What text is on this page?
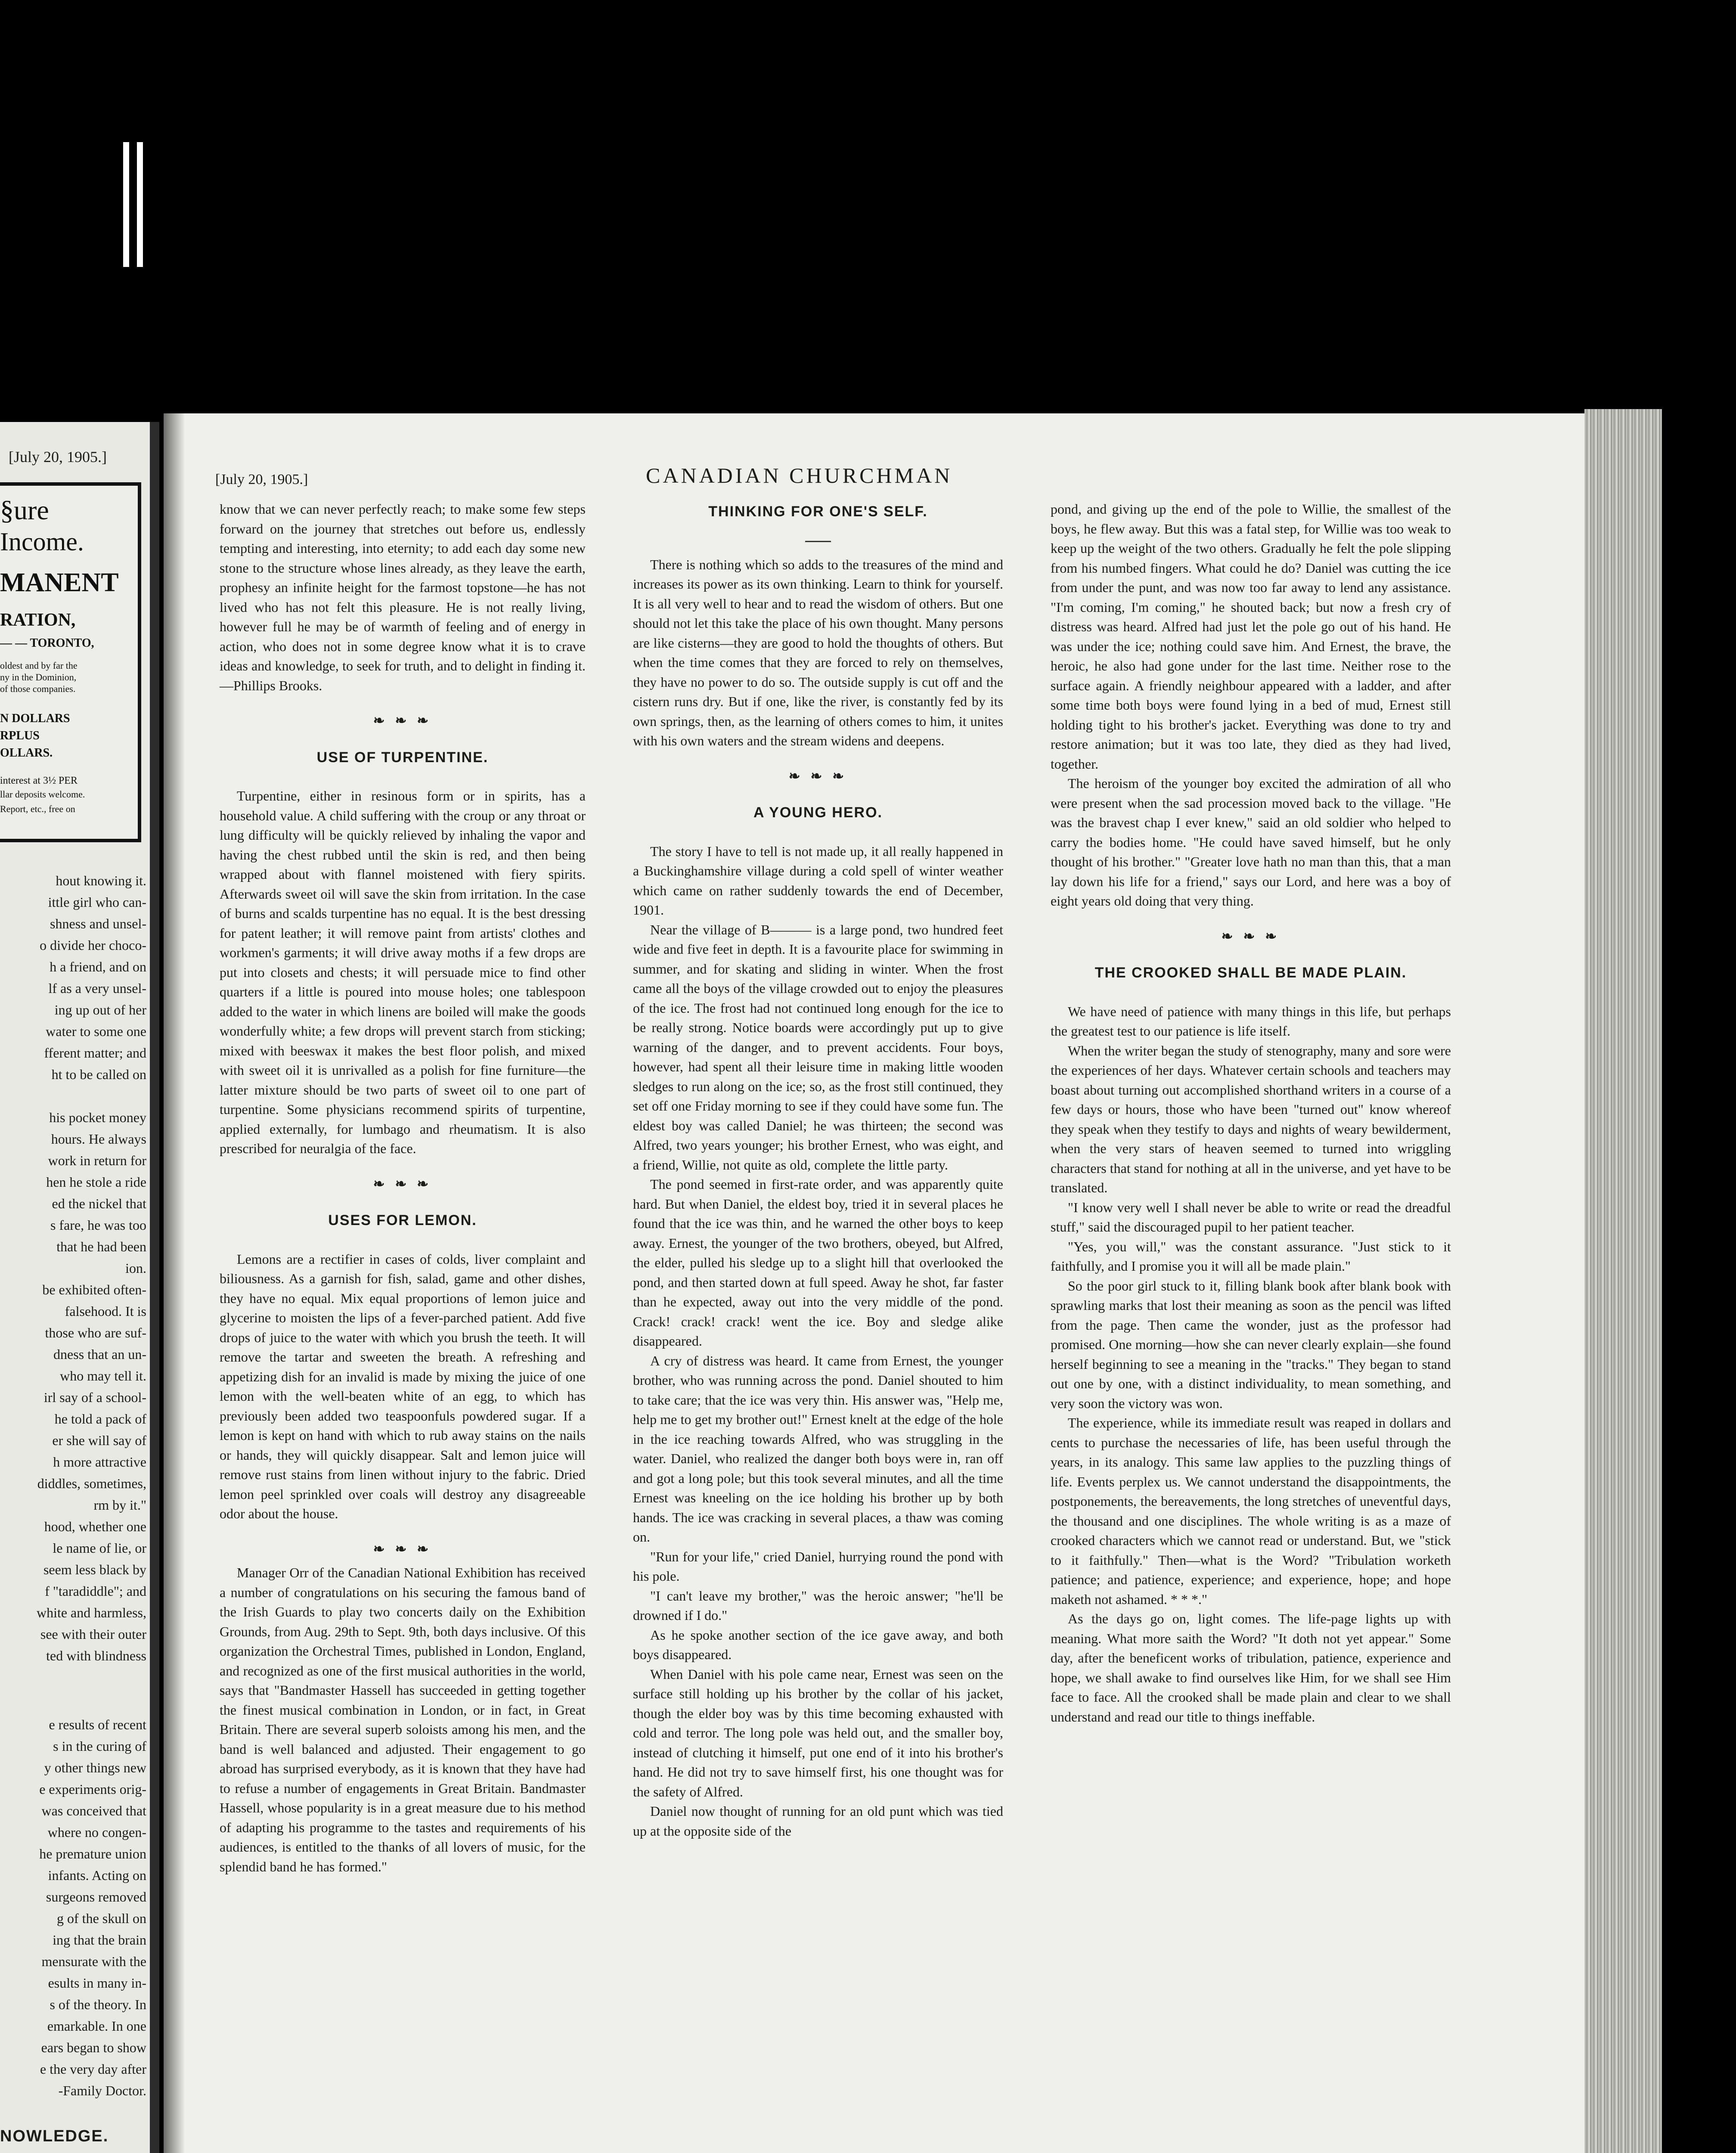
[July 20, 1905.]
§ure
Income.
MANENT
RATION,
— — TORONTO,
oldest and by far the
ny in the Dominion,
of those companies.
N DOLLARS
RPLUS
OLLARS.
interest at 3½ PER
llar deposits welcome.
Report, etc., free on
hout knowing it.
ittle girl who can-
shness and unsel-
o divide her choco-
h a friend, and on
lf as a very unsel-
ing up out of her
water to some one
fferent matter; and
ht to be called on
his pocket money
hours. He always
work in return for
hen he stole a ride
ed the nickel that
s fare, he was too
that he had been
ion.
be exhibited often-
falsehood. It is
those who are suf-
dness that an un-
who may tell it.
irl say of a school-
he told a pack of
er she will say of
h more attractive
diddles, sometimes,
rm by it."
hood, whether one
le name of lie, or
seem less black by
f "taradiddle"; and
white and harmless,
see with their outer
ted with blindness
e results of recent
s in the curing of
y other things new
e experiments orig-
was conceived that
where no congen-
he premature union
infants. Acting on
surgeons removed
g of the skull on
ing that the brain
mensurate with the
esults in many in-
s of the theory. In
emarkable. In one
ears began to show
e the very day after
-Family Doctor.
NOWLEDGE.
[July 20, 1905.]	CANADIAN CHURCHMAN

know that we can never perfectly reach; to make some few steps forward on the journey that stretches out before us, endlessly tempting and interesting, into eternity; to add each day some new stone to the structure whose lines already, as they leave the earth, prophesy an infinite height for the farmost topstone—he has not lived who has not felt this pleasure. He is not really living, however full he may be of warmth of feeling and of energy in action, who does not in some degree know what it is to crave ideas and knowledge, to seek for truth, and to delight in finding it.—Phillips Brooks.

❧ ❧ ❧
USE OF TURPENTINE.

Turpentine, either in resinous form or in spirits, has a household value. A child suffering with the croup or any throat or lung difficulty will be quickly relieved by inhaling the vapor and having the chest rubbed until the skin is red, and then being wrapped about with flannel moistened with fiery spirits. Afterwards sweet oil will save the skin from irritation. In the case of burns and scalds turpentine has no equal. It is the best dressing for patent leather; it will remove paint from artists' clothes and workmen's garments; it will drive away moths if a few drops are put into closets and chests; it will persuade mice to find other quarters if a little is poured into mouse holes; one tablespoon added to the water in which linens are boiled will make the goods wonderfully white; a few drops will prevent starch from sticking; mixed with beeswax it makes the best floor polish, and mixed with sweet oil it is unrivalled as a polish for fine furniture—the latter mixture should be two parts of sweet oil to one part of turpentine. Some physicians recommend spirits of turpentine, applied externally, for lumbago and rheumatism. It is also prescribed for neuralgia of the face.

❧ ❧ ❧
USES FOR LEMON.

Lemons are a rectifier in cases of colds, liver complaint and biliousness. As a garnish for fish, salad, game and other dishes, they have no equal. Mix equal proportions of lemon juice and glycerine to moisten the lips of a fever-parched patient. Add five drops of juice to the water with which you brush the teeth. It will remove the tartar and sweeten the breath. A refreshing and appetizing dish for an invalid is made by mixing the juice of one lemon with the well-beaten white of an egg, to which has previously been added two teaspoonfuls powdered sugar. If a lemon is kept on hand with which to rub away stains on the nails or hands, they will quickly disappear. Salt and lemon juice will remove rust stains from linen without injury to the fabric. Dried lemon peel sprinkled over coals will destroy any disagreeable odor about the house.

❧ ❧ ❧

Manager Orr of the Canadian National Exhibition has received a number of congratulations on his securing the famous band of the Irish Guards to play two concerts daily on the Exhibition Grounds, from Aug. 29th to Sept. 9th, both days inclusive. Of this organization the Orchestral Times, published in London, England, and recognized as one of the first musical authorities in the world, says that "Bandmaster Hassell has succeeded in getting together the finest musical combination in London, or in fact, in Great Britain. There are several superb soloists among his men, and the band is well balanced and adjusted. Their engagement to go abroad has surprised everybody, as it is known that they have had to refuse a number of engagements in Great Britain. Bandmaster Hassell, whose popularity is in a great measure due to his method of adapting his programme to the tastes and requirements of his audiences, is entitled to the thanks of all lovers of music, for the splendid band he has formed."

THINKING FOR ONE'S SELF.

There is nothing which so adds to the treasures of the mind and increases its power as its own thinking. Learn to think for yourself. It is all very well to hear and to read the wisdom of others. But one should not let this take the place of his own thought. Many persons are like cisterns—they are good to hold the thoughts of others. But when the time comes that they are forced to rely on themselves, they have no power to do so. The outside supply is cut off and the cistern runs dry. But if one, like the river, is constantly fed by its own springs, then, as the learning of others comes to him, it unites with his own waters and the stream widens and deepens.

❧ ❧ ❧
A YOUNG HERO.

The story I have to tell is not made up, it all really happened in a Buckinghamshire village during a cold spell of winter weather which came on rather suddenly towards the end of December, 1901.

Near the village of B——— is a large pond, two hundred feet wide and five feet in depth. It is a favourite place for swimming in summer, and for skating and sliding in winter. When the frost came all the boys of the village crowded out to enjoy the pleasures of the ice. The frost had not continued long enough for the ice to be really strong. Notice boards were accordingly put up to give warning of the danger, and to prevent accidents. Four boys, however, had spent all their leisure time in making little wooden sledges to run along on the ice; so, as the frost still continued, they set off one Friday morning to see if they could have some fun. The eldest boy was called Daniel; he was thirteen; the second was Alfred, two years younger; his brother Ernest, who was eight, and a friend, Willie, not quite as old, complete the little party.

The pond seemed in first-rate order, and was apparently quite hard. But when Daniel, the eldest boy, tried it in several places he found that the ice was thin, and he warned the other boys to keep away. Ernest, the younger of the two brothers, obeyed, but Alfred, the elder, pulled his sledge up to a slight hill that overlooked the pond, and then started down at full speed. Away he shot, far faster than he expected, away out into the very middle of the pond. Crack! crack! crack! went the ice. Boy and sledge alike disappeared.

A cry of distress was heard. It came from Ernest, the younger brother, who was running across the pond. Daniel shouted to him to take care; that the ice was very thin. His answer was, "Help me, help me to get my brother out!" Ernest knelt at the edge of the hole in the ice reaching towards Alfred, who was struggling in the water. Daniel, who realized the danger both boys were in, ran off and got a long pole; but this took several minutes, and all the time Ernest was kneeling on the ice holding his brother up by both hands. The ice was cracking in several places, a thaw was coming on.

"Run for your life," cried Daniel, hurrying round the pond with his pole.

"I can't leave my brother," was the heroic answer; "he'll be drowned if I do."

As he spoke another section of the ice gave away, and both boys disappeared.

When Daniel with his pole came near, Ernest was seen on the surface still holding up his brother by the collar of his jacket, though the elder boy was by this time becoming exhausted with cold and terror. The long pole was held out, and the smaller boy, instead of clutching it himself, put one end of it into his brother's hand. He did not try to save himself first, his one thought was for the safety of Alfred.

Daniel now thought of running for an old punt which was tied up at the opposite side of the

pond, and giving up the end of the pole to Willie, the smallest of the boys, he flew away. But this was a fatal step, for Willie was too weak to keep up the weight of the two others. Gradually he felt the pole slipping from his numbed fingers. What could he do? Daniel was cutting the ice from under the punt, and was now too far away to lend any assistance. "I'm coming, I'm coming," he shouted back; but now a fresh cry of distress was heard. Alfred had just let the pole go out of his hand. He was under the ice; nothing could save him. And Ernest, the brave, the heroic, he also had gone under for the last time. Neither rose to the surface again. A friendly neighbour appeared with a ladder, and after some time both boys were found lying in a bed of mud, Ernest still holding tight to his brother's jacket. Everything was done to try and restore animation; but it was too late, they died as they had lived, together.

The heroism of the younger boy excited the admiration of all who were present when the sad procession moved back to the village. "He was the bravest chap I ever knew," said an old soldier who helped to carry the bodies home. "He could have saved himself, but he only thought of his brother." "Greater love hath no man than this, that a man lay down his life for a friend," says our Lord, and here was a boy of eight years old doing that very thing.

❧ ❧ ❧
THE CROOKED SHALL BE MADE PLAIN.

We have need of patience with many things in this life, but perhaps the greatest test to our patience is life itself.

When the writer began the study of stenography, many and sore were the experiences of her days. Whatever certain schools and teachers may boast about turning out accomplished shorthand writers in a course of a few days or hours, those who have been "turned out" know whereof they speak when they testify to days and nights of weary bewilderment, when the very stars of heaven seemed to turned into wriggling characters that stand for nothing at all in the universe, and yet have to be translated.

"I know very well I shall never be able to write or read the dreadful stuff," said the discouraged pupil to her patient teacher.

"Yes, you will," was the constant assurance. "Just stick to it faithfully, and I promise you it will all be made plain."

So the poor girl stuck to it, filling blank book after blank book with sprawling marks that lost their meaning as soon as the pencil was lifted from the page. Then came the wonder, just as the professor had promised. One morning—how she can never clearly explain—she found herself beginning to see a meaning in the "tracks." They began to stand out one by one, with a distinct individuality, to mean something, and very soon the victory was won.

The experience, while its immediate result was reaped in dollars and cents to purchase the necessaries of life, has been useful through the years, in its analogy. This same law applies to the puzzling things of life. Events perplex us. We cannot understand the disappointments, the postponements, the bereavements, the long stretches of uneventful days, the thousand and one disciplines. The whole writing is as a maze of crooked characters which we cannot read or understand. But, we "stick to it faithfully." Then—what is the Word? "Tribulation worketh patience; and patience, experience; and experience, hope; and hope maketh not ashamed. * * *."

As the days go on, light comes. The life-page lights up with meaning. What more saith the Word? "It doth not yet appear." Some day, after the beneficent works of tribulation, patience, experience and hope, we shall awake to find ourselves like Him, for we shall see Him face to face. All the crooked shall be made plain and clear to we shall understand and read our title to things ineffable.
